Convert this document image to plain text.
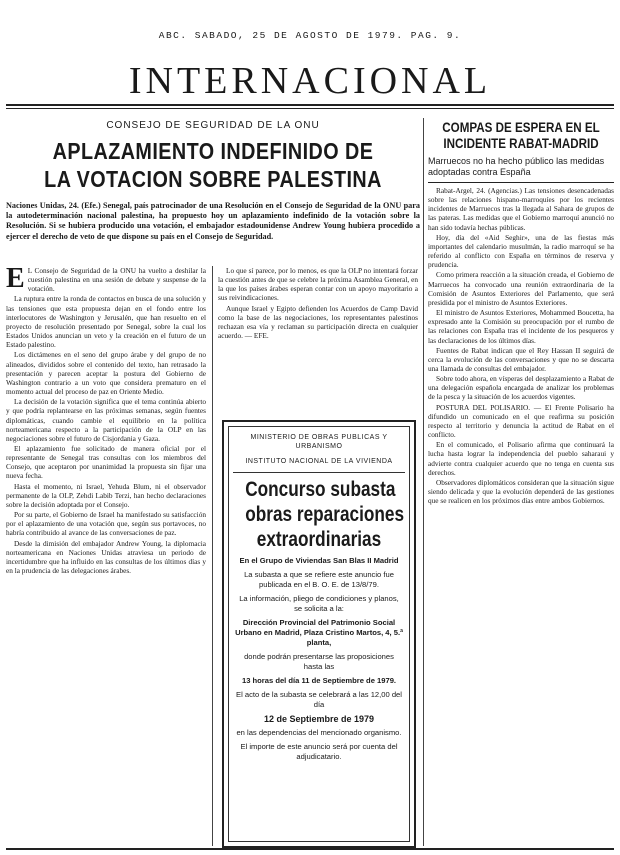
ABC. SABADO, 25 DE AGOSTO DE 1979. PAG. 9.
INTERNACIONAL
CONSEJO DE SEGURIDAD DE LA ONU
APLAZAMIENTO INDEFINIDO DE
LA VOTACION SOBRE PALESTINA
Naciones Unidas, 24. (Efe.) Senegal, país patrocinador de una Resolución en el Consejo de Seguridad de la ONU para la autodeterminación nacional palestina, ha propuesto hoy un aplazamiento indefinido de la votación sobre la Resolución. Si se hubiera producido una votación, el embajador estadounidense Andrew Young hubiera procedido a ejercer el derecho de veto de que dispone su país en el Consejo de Seguridad.
E L Consejo de Seguridad de la ONU ha vuelto a deshilar la cuestión palestina en una sesión de debate y suspense de la votación.

La ruptura entre la ronda de contactos en busca de una solución y las tensiones que esta propuesta dejan en el fondo entre los interlocutores de Washington y Jerusalén, que han resuelto en el proyecto de resolución presentado por Senegal, sobre la cual los Estados Unidos anuncian un veto y la creación en el futuro de un Estado palestino.

Los dictámenes en el seno del grupo árabe y del grupo de no alineados, divididos sobre el contenido del texto, han retrasado la presentación y parecen aceptar la postura del Gobierno de Washington contrario a un voto que considera prematuro en el momento actual del proceso de paz en Oriente Medio.

La decisión de la votación significa que el tema continúa abierto y que podría replantearse en las próximas semanas, según fuentes diplomáticas, cuando cambie el equilibrio en la política norteamericana respecto a la participación de la OLP en las negociaciones sobre el futuro de Cisjordania y Gaza.

El aplazamiento fue solicitado de manera oficial por el representante de Senegal tras consultas con los miembros del Consejo, que aceptaron por unanimidad la propuesta sin fijar una nueva fecha.

Hasta el momento, ni Israel, Yehuda Blum, ni el observador permanente de la OLP, Zehdi Labib Terzi, han hecho declaraciones sobre la decisión adoptada por el Consejo.

Por su parte, el Gobierno de Israel ha manifestado su satisfacción por el aplazamiento de una votación que, según sus portavoces, no habría contribuido al avance de las conversaciones de paz.

Desde la dimisión del embajador Andrew Young, la diplomacia norteamericana en Naciones Unidas atraviesa un periodo de incertidumbre que ha influido en las consultas de los últimos días y en la prudencia de las delegaciones árabes.

Lo que sí parece, por lo menos, es que la OLP no intentará forzar la cuestión antes de que se celebre la próxima Asamblea General, en la que los países árabes esperan contar con un apoyo mayoritario a sus reivindicaciones.

Aunque Israel y Egipto defienden los Acuerdos de Camp David como la base de las negociaciones, los representantes palestinos rechazan esa vía y reclaman su participación directa en cualquier acuerdo. — EFE.

MINISTERIO DE OBRAS PUBLICAS Y URBANISMO
INSTITUTO NACIONAL DE LA VIVIENDA
Concurso subasta
obras reparaciones
extraordinarias
En el Grupo de Viviendas San Blas II Madrid
La subasta a que se refiere este anuncio fue publicada en el B. O. E. de 13/8/79.
La información, pliego de condiciones y planos, se solicita a la:
Dirección Provincial del Patrimonio Social Urbano en Madrid, Plaza Cristino Martos, 4, 5.ª planta,
donde podrán presentarse las proposiciones hasta las
13 horas del día 11 de Septiembre de 1979.
El acto de la subasta se celebrará a las 12,00 del día
12 de Septiembre de 1979
en las dependencias del mencionado organismo.
El importe de este anuncio será por cuenta del adjudicatario.
COMPAS DE ESPERA EN EL
INCIDENTE RABAT-MADRID
Marruecos no ha hecho público las medidas adoptadas contra España

Rabat-Argel, 24. (Agencias.) Las tensiones desencadenadas sobre las relaciones hispano-marroquíes por los recientes incidentes de Marruecos tras la llegada al Sahara de grupos de las pateras. Las medidas que el Gobierno marroquí anunció no han sido todavía hechas públicas.

Hoy, día del «Aid Seghir», una de las fiestas más importantes del calendario musulmán, la radio marroquí se ha referido al conflicto con España en términos de reserva y prudencia.

Como primera reacción a la situación creada, el Gobierno de Marruecos ha convocado una reunión extraordinaria de la Comisión de Asuntos Exteriores del Parlamento, que será presidida por el ministro de Asuntos Exteriores.

El ministro de Asuntos Exteriores, Mohammed Boucetta, ha expresado ante la Comisión su preocupación por el rumbo de las relaciones con España tras el incidente de los pesqueros y las declaraciones de los últimos días.

Fuentes de Rabat indican que el Rey Hassan II seguirá de cerca la evolución de las conversaciones y que no se descarta una llamada de consultas del embajador.

Sobre todo ahora, en vísperas del desplazamiento a Rabat de una delegación española encargada de analizar los problemas de la pesca y la situación de los acuerdos vigentes.

POSTURA DEL POLISARIO. — El Frente Polisario ha difundido un comunicado en el que reafirma su posición respecto al territorio y denuncia la actitud de Rabat en el conflicto.

En el comunicado, el Polisario afirma que continuará la lucha hasta lograr la independencia del pueblo saharaui y advierte contra cualquier acuerdo que no tenga en cuenta sus derechos.

Observadores diplomáticos consideran que la situación sigue siendo delicada y que la evolución dependerá de las gestiones que se realicen en los próximos días entre ambos Gobiernos.
